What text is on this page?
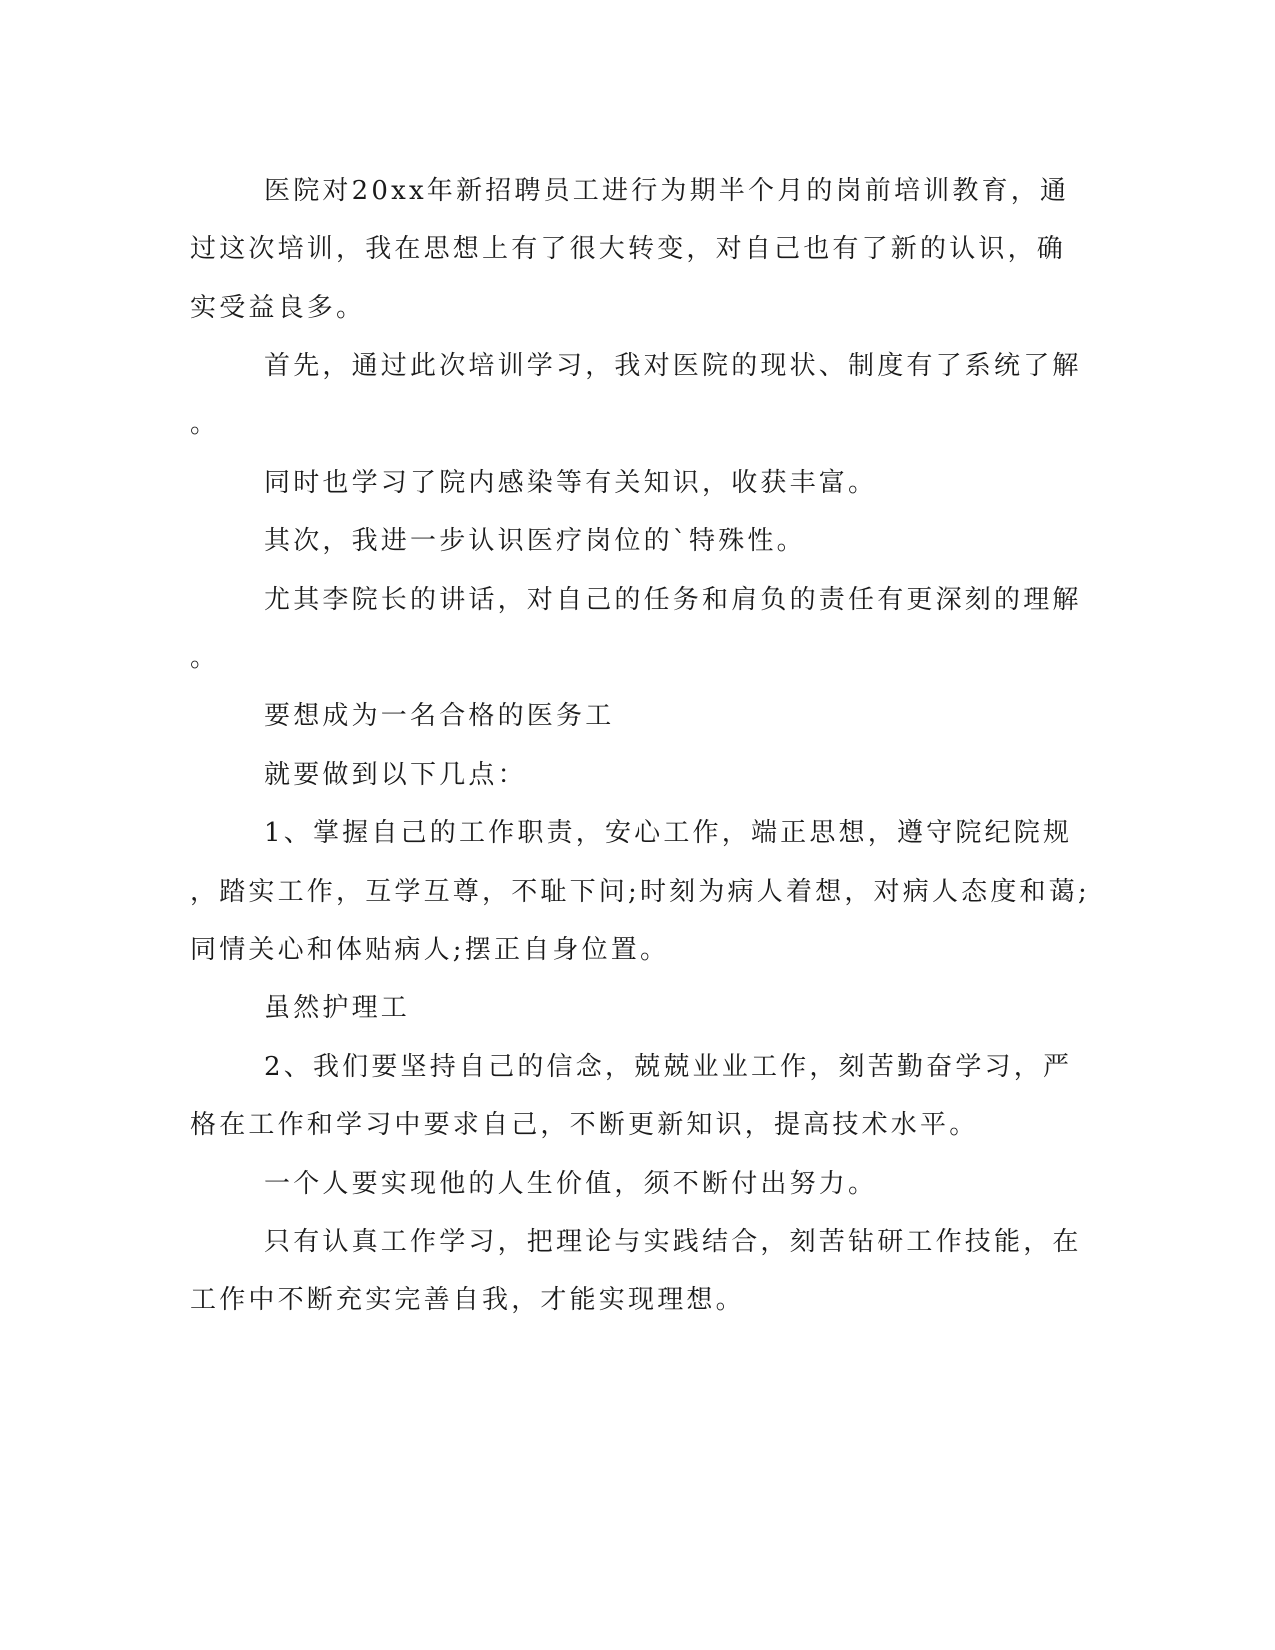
医院对20xx年新招聘员工进行为期半个月的岗前培训教育，通
过这次培训，我在思想上有了很大转变，对自己也有了新的认识，确
实受益良多。
首先，通过此次培训学习，我对医院的现状、制度有了系统了解
。
同时也学习了院内感染等有关知识，收获丰富。
其次，我进一步认识医疗岗位的`特殊性。
尤其李院长的讲话，对自己的任务和肩负的责任有更深刻的理解
。
要想成为一名合格的医务工
就要做到以下几点：
1、掌握自己的工作职责，安心工作，端正思想，遵守院纪院规
，踏实工作，互学互尊，不耻下问;时刻为病人着想，对病人态度和蔼;
同情关心和体贴病人;摆正自身位置。
虽然护理工
2、我们要坚持自己的信念，兢兢业业工作，刻苦勤奋学习，严
格在工作和学习中要求自己，不断更新知识，提高技术水平。
一个人要实现他的人生价值，须不断付出努力。
只有认真工作学习，把理论与实践结合，刻苦钻研工作技能，在
工作中不断充实完善自我，才能实现理想。
